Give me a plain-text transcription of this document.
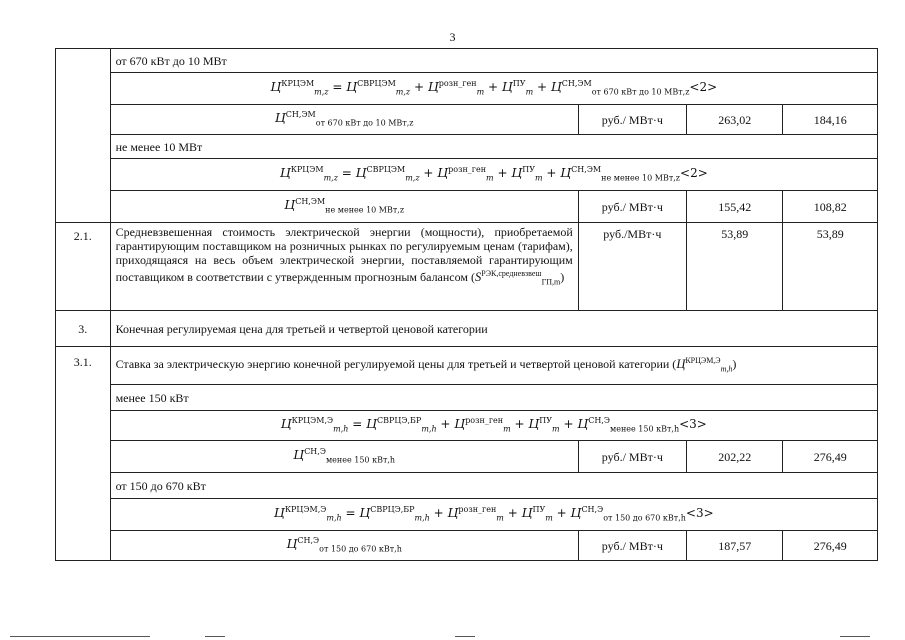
3
	от 670 кВт до 10 МВт			
	$Ц^{КРЦЭМ}_{m,z} = Ц^{СВРЦЭМ}_{m,z} + Ц^{розн\_ген}_m + Ц^{ПУ}_m + Ц^{СН,ЭМ}_{от 670 кВт до 10 МВт,z}<2>$			
	$Ц^{СН,ЭМ}_{от 670 кВт до 10 МВт,z}$	руб./ МВт·ч	263,02	184,16
	не менее 10 МВт			
	$Ц^{КРЦЭМ}_{m,z} = Ц^{СВРЦЭМ}_{m,z} + Ц^{розн\_ген}_m + Ц^{ПУ}_m + Ц^{СН,ЭМ}_{не менее 10 МВт,z}<2>$			
	$Ц^{СН,ЭМ}_{не менее 10 МВт,z}$	руб./ МВт·ч	155,42	108,82
2.1.	Средневзвешенная стоимость электрической энергии (мощности), приобретаемой гарантирующим поставщиком на розничных рынках по регулируемым ценам (тарифам), приходящаяся на весь объем электрической энергии, поставляемой гарантирующим поставщиком в соответствии с утвержденным прогнозным балансом $(S^{РЭК,средневзвеш}_{ГП,m})$	руб./МВт·ч	53,89	53,89
3.	Конечная регулируемая цена для третьей и четвертой ценовой категории			
3.1.	Ставка за электрическую энергию конечной регулируемой цены для третьей и четвертой ценовой категории $(Ц^{КРЦЭМ,Э}_{m,h})$			
	менее 150 кВт			
	$Ц^{КРЦЭМ,Э}_{m,h} = Ц^{СВРЦЭ,БР}_{m,h} + Ц^{розн\_ген}_m + Ц^{ПУ}_m + Ц^{СН,Э}_{менее 150 кВт,h}<3>$			
	$Ц^{СН,Э}_{менее 150 кВт,h}$	руб./ МВт·ч	202,22	276,49
	от 150 до 670 кВт			
	$Ц^{КРЦЭМ,Э}_{m,h} = Ц^{СВРЦЭ,БР}_{m,h} + Ц^{розн\_ген}_m + Ц^{ПУ}_m + Ц^{СН,Э}_{от 150 до 670 кВт,h}<3>$			
	$Ц^{СН,Э}_{от 150 до 670 кВт,h}$	руб./ МВт·ч	187,57	276,49
